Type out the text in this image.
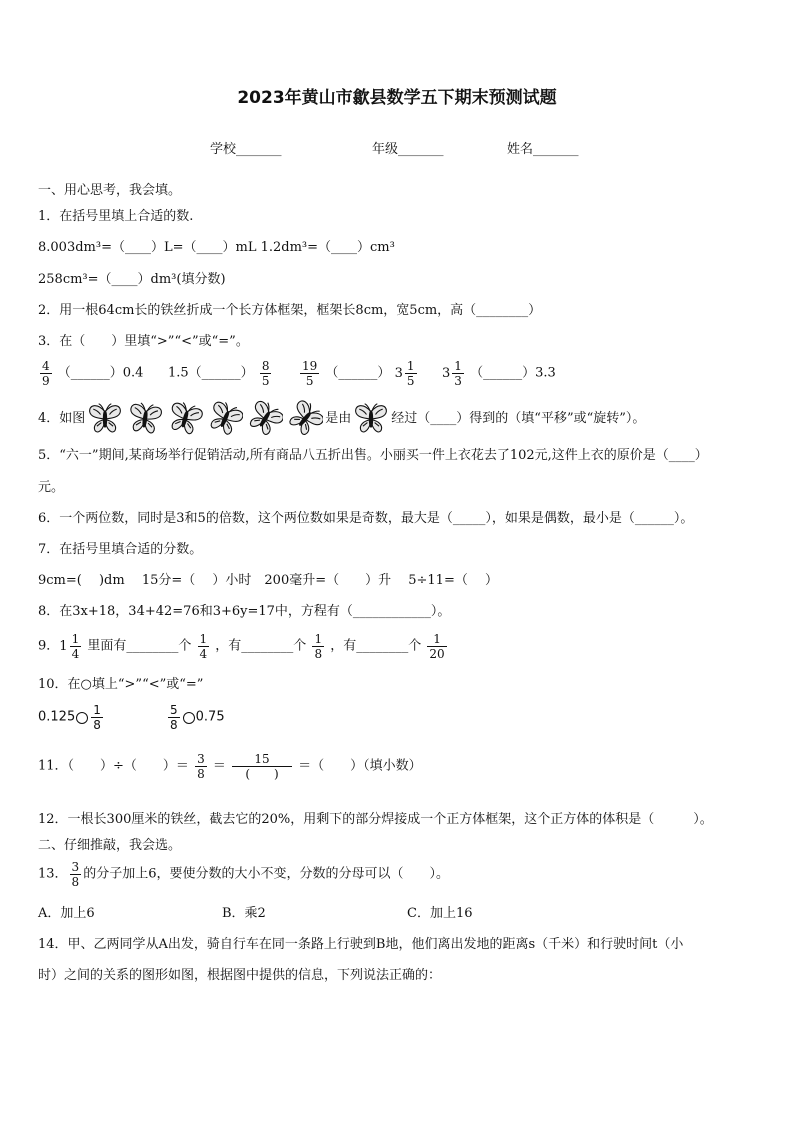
2023年黄山市歙县数学五下期末预测试题
学校_______	年级_______	姓名_______
一、用心思考，我会填。
1．在括号里填上合适的数.
8.003dm³=（____）L=（____）mL 1.2dm³=（____）cm³
258cm³=（____）dm³(填分数)
2．用一根64cm长的铁丝折成一个长方体框架，框架长8cm，宽5cm，高（________）
3．在（　　）里填“>”“<”或“=”。
$\frac{4}{9}$ （______）0.4 1.5（______） $\frac{8}{5} \frac{19}{5}$ （______） $3 \frac{1}{5} 3 \frac{1}{3}$ （______）3.3
4．如图	是由	经过（____）得到的（填“平移”或“旋转”）。
5．“六一”期间,某商场举行促销活动,所有商品八五折出售。小丽买一件上衣花去了102元,这件上衣的原价是（____）
元。
6．一个两位数，同时是3和5的倍数，这个两位数如果是奇数，最大是（_____），如果是偶数，最小是（______）。
7．在括号里填合适的分数。
9cm=(　 )dm　 15分=（　 ）小时　200毫升=（　　）升　 5÷11=（　 ）
8．在3x+18，34+42=76和3+6y=17中，方程有（____________）。
9．$1 \frac{1}{4}$ 里面有________个 $\frac{1}{4}$ ，有________个 $\frac{1}{8}$ ，有________个 $\frac{1}{20}$
10．在○填上“>”“<”或“=”
$0.125 \frac{1}{8}$	$\frac{5}{8} 0.75$
11．（　　）÷（　　）＝ $\frac{3}{8} = \frac{15}{( )}$ ＝（　　）（填小数）
12．一根长300厘米的铁丝，截去它的20%，用剩下的部分焊接成一个正方体框架，这个正方体的体积是（　　　）。
二、仔细推敲，我会选。
13． $\frac{3}{8}$ 的分子加上6，要使分数的大小不变，分数的分母可以（　　）。
A．加上6	B．乘2	C．加上16
14．甲、乙两同学从A出发，骑自行车在同一条路上行驶到B地，他们离出发地的距离s（千米）和行驶时间t（小
时）之间的关系的图形如图，根据图中提供的信息，下列说法正确的：
